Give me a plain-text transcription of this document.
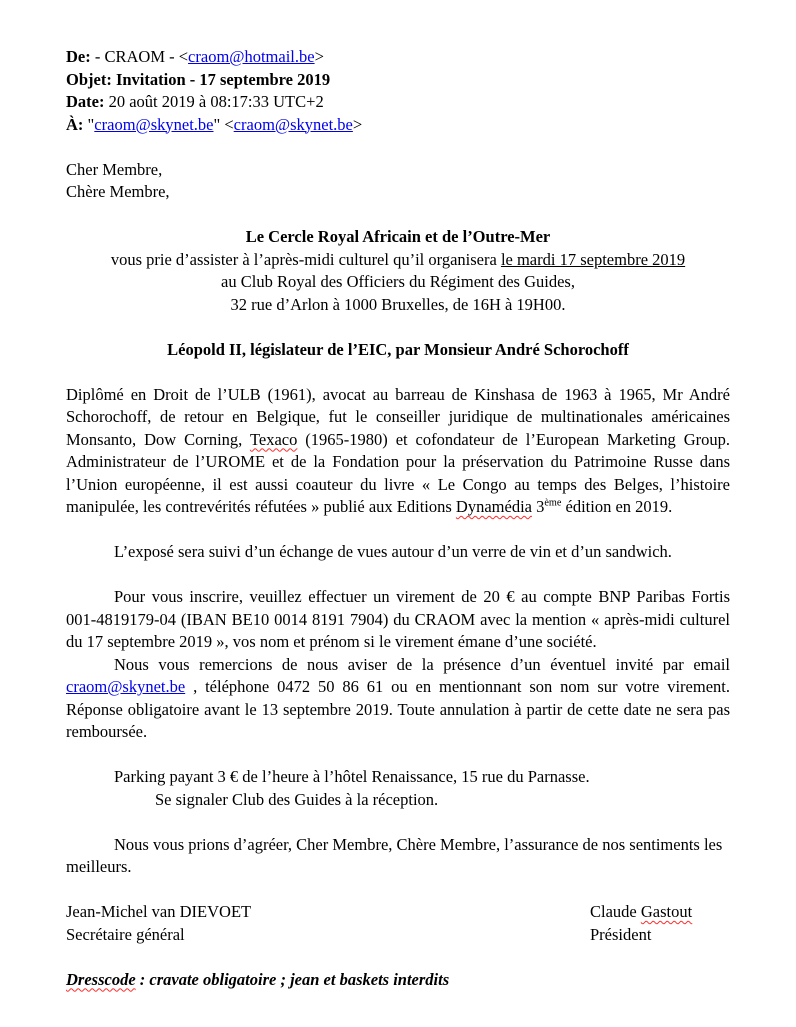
De: - CRAOM - <craom@hotmail.be>

Objet: Invitation - 17 septembre 2019

Date: 20 août 2019 à 08:17:33 UTC+2

À: "craom@skynet.be" <craom@skynet.be>

Cher Membre,

Chère Membre,

Le Cercle Royal Africain et de l’Outre-Mer

vous prie d’assister à l’après-midi culturel qu’il organisera le mardi 17 septembre 2019

au Club Royal des Officiers du Régiment des Guides,

32 rue d’Arlon à 1000 Bruxelles, de 16H à 19H00.

Léopold II, législateur de l’EIC, par Monsieur André Schorochoff

Diplômé en Droit de l’ULB (1961), avocat au barreau de Kinshasa de 1963 à 1965, Mr André Schorochoff, de retour en Belgique, fut le conseiller juridique de multinationales américaines Monsanto, Dow Corning, Texaco (1965-1980) et cofondateur de l’European Marketing Group. Administrateur de l’UROME et de la Fondation pour la préservation du Patrimoine Russe dans l’Union européenne, il est aussi coauteur du livre « Le Congo au temps des Belges, l’histoire manipulée, les contrevérités réfutées » publié aux Editions Dynamédia 3ème édition en 2019.

L’exposé sera suivi d’un échange de vues autour d’un verre de vin et d’un sandwich.

Pour vous inscrire, veuillez effectuer un virement de 20 € au compte BNP Paribas Fortis 001-4819179-04 (IBAN BE10 0014 8191 7904) du CRAOM avec la mention « après-midi culturel du 17 septembre 2019 », vos nom et prénom si le virement émane d’une société.

Nous vous remercions de nous aviser de la présence d’un éventuel invité par email craom@skynet.be , téléphone 0472 50 86 61 ou en mentionnant son nom sur votre virement. Réponse obligatoire avant le 13 septembre 2019. Toute annulation à partir de cette date ne sera pas remboursée.

Parking payant 3 € de l’heure à l’hôtel Renaissance, 15 rue du Parnasse.

Se signaler Club des Guides à la réception.

Nous vous prions d’agréer, Cher Membre, Chère Membre, l’assurance de nos sentiments les meilleurs.

Jean-Michel van DIEVOET	Claude Gastout
Secrétaire général	Président

Dresscode : cravate obligatoire ; jean et baskets interdits
